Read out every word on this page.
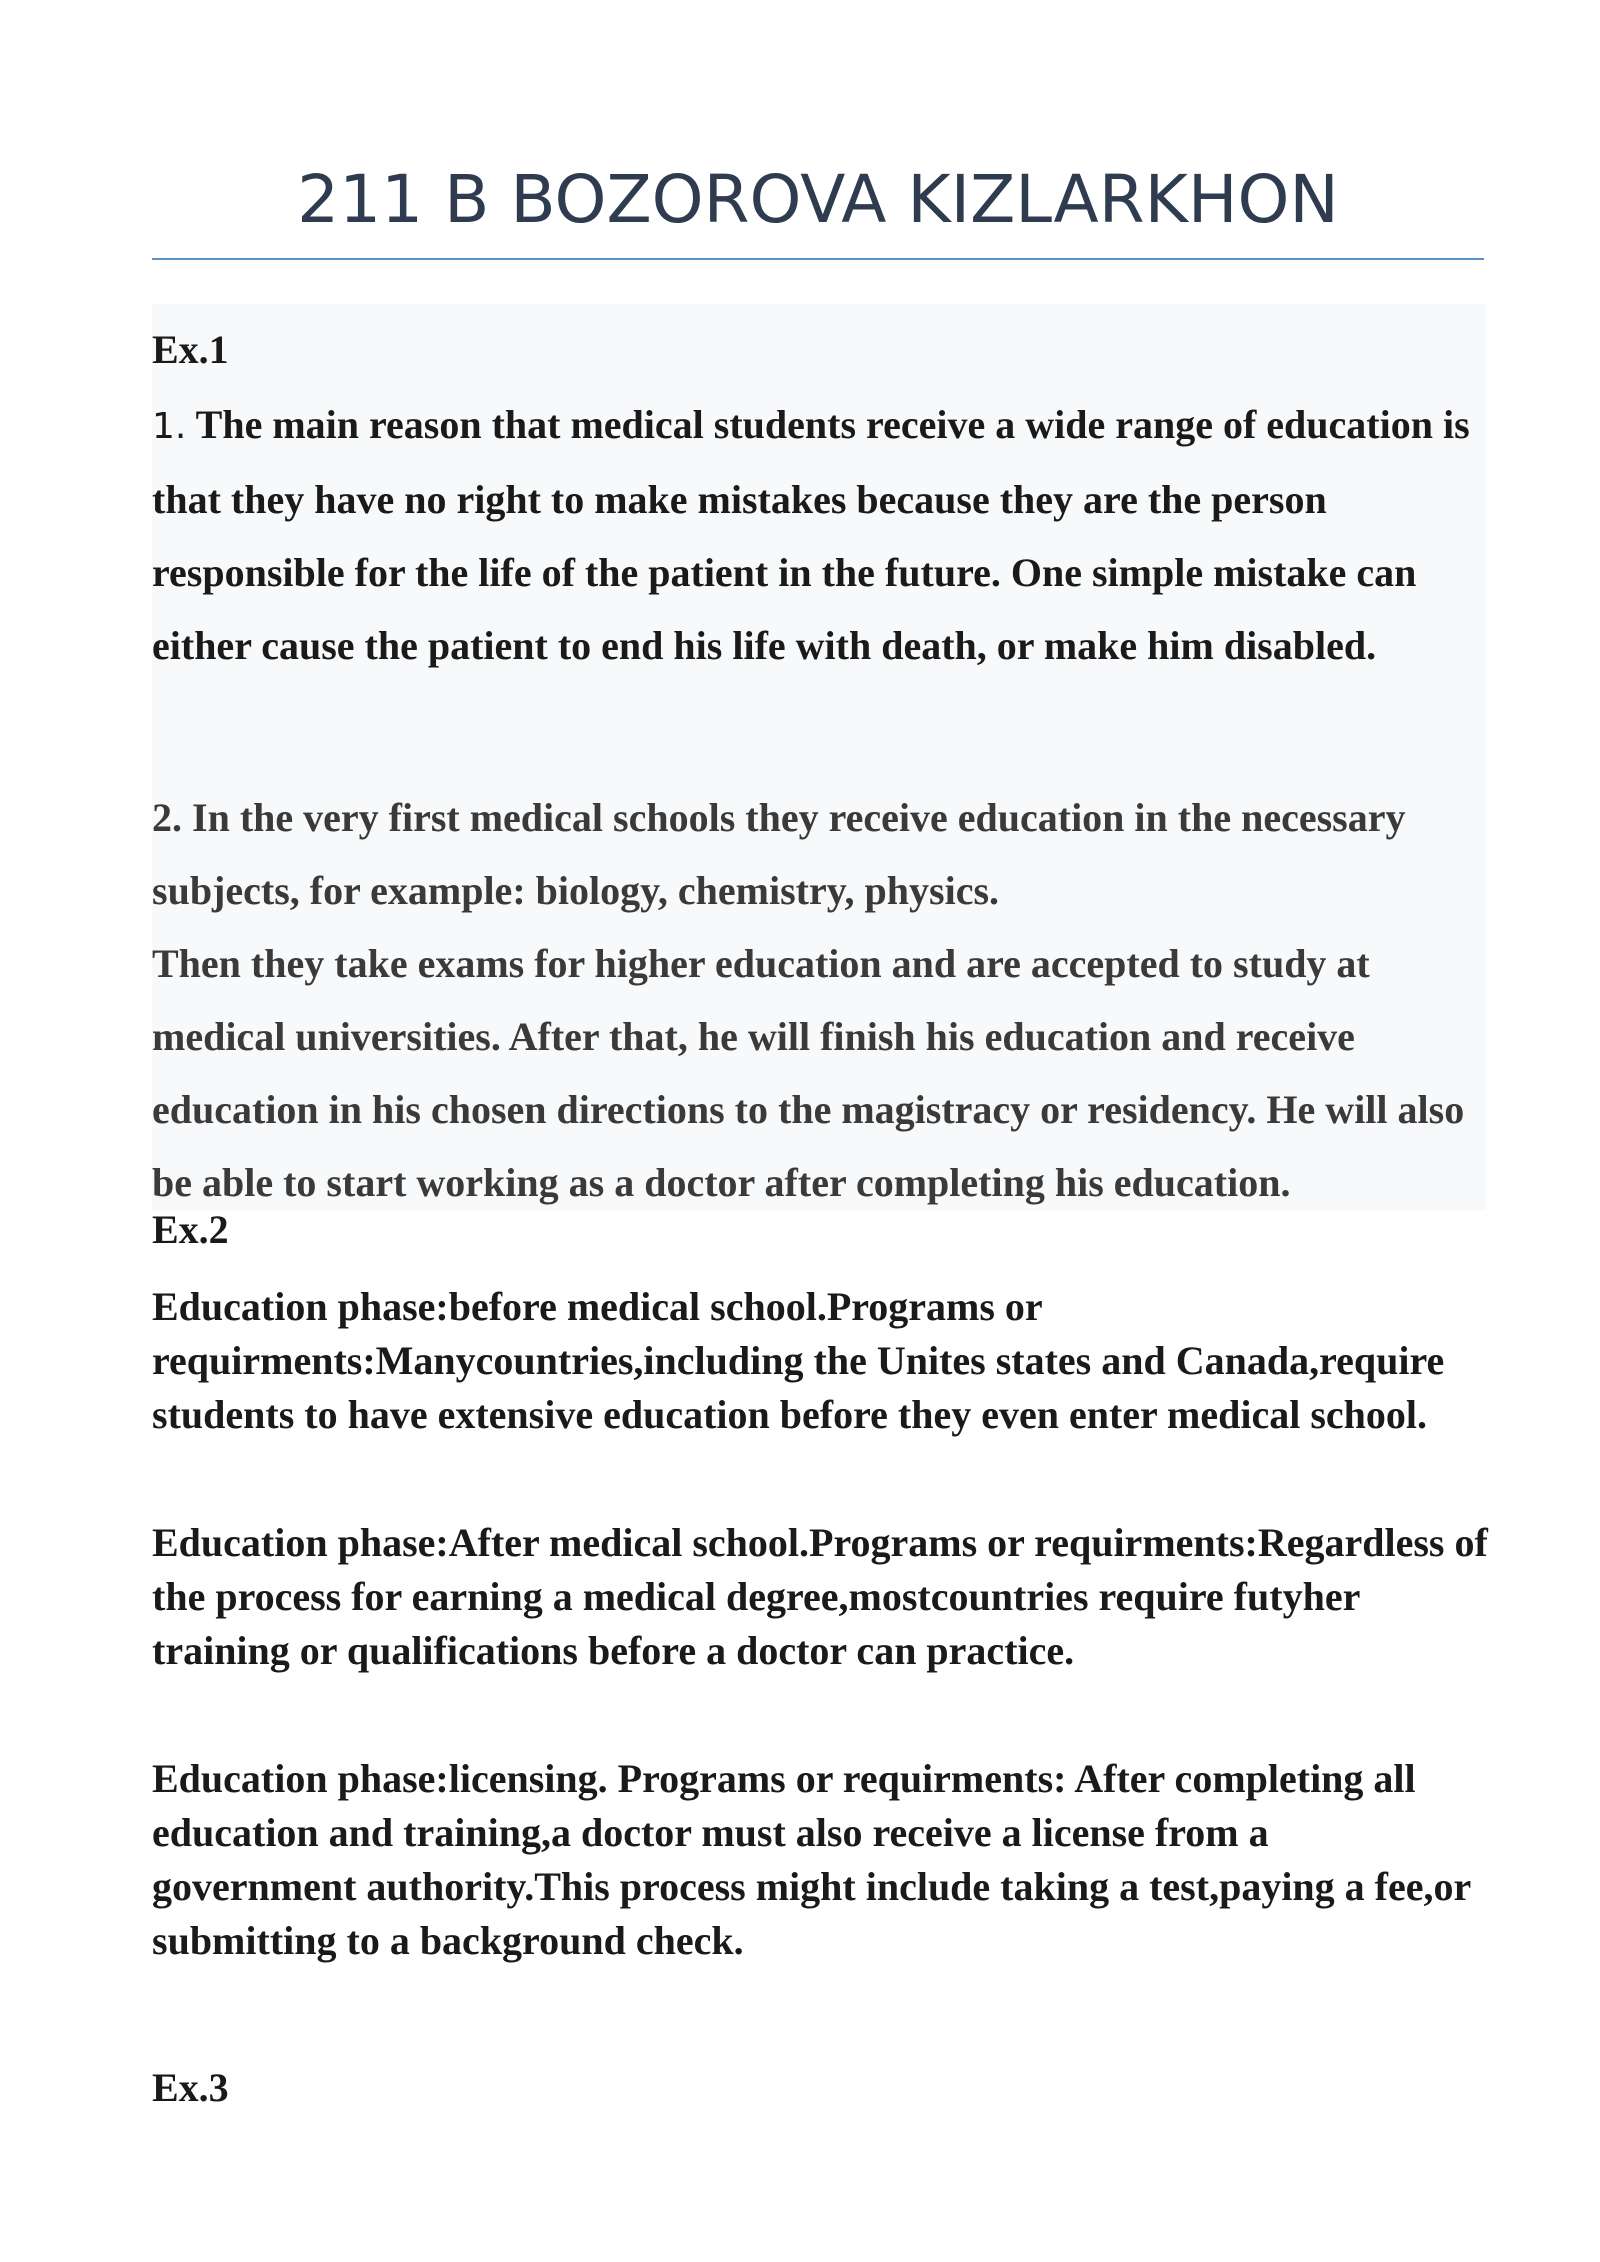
211 B BOZOROVA KIZLARKHON

Ex.1

1. The main reason that medical students receive a wide range of education is that they have no right to make mistakes because they are the person responsible for the life of the patient in the future. One simple mistake can either cause the patient to end his life with death, or make him disabled.

2. In the very first medical schools they receive education in the necessary subjects, for example: biology, chemistry, physics.

Then they take exams for higher education and are accepted to study at medical universities. After that, he will finish his education and receive education in his chosen directions to the magistracy or residency. He will also be able to start working as a doctor after completing his education.

Ex.2

Education phase:before medical school.Programs or requirments:Manycountries,including the Unites states and Canada,require students to have extensive education before they even enter medical school.

Education phase:After medical school.Programs or requirments:Regardless of the process for earning a medical degree,mostcountries require futyher training or qualifications before a doctor can practice.

Education phase:licensing. Programs or requirments: After completing all education and training,a doctor must also receive a license from a government authority.This process might include taking a test,paying a fee,or submitting to a background check.

Ex.3
